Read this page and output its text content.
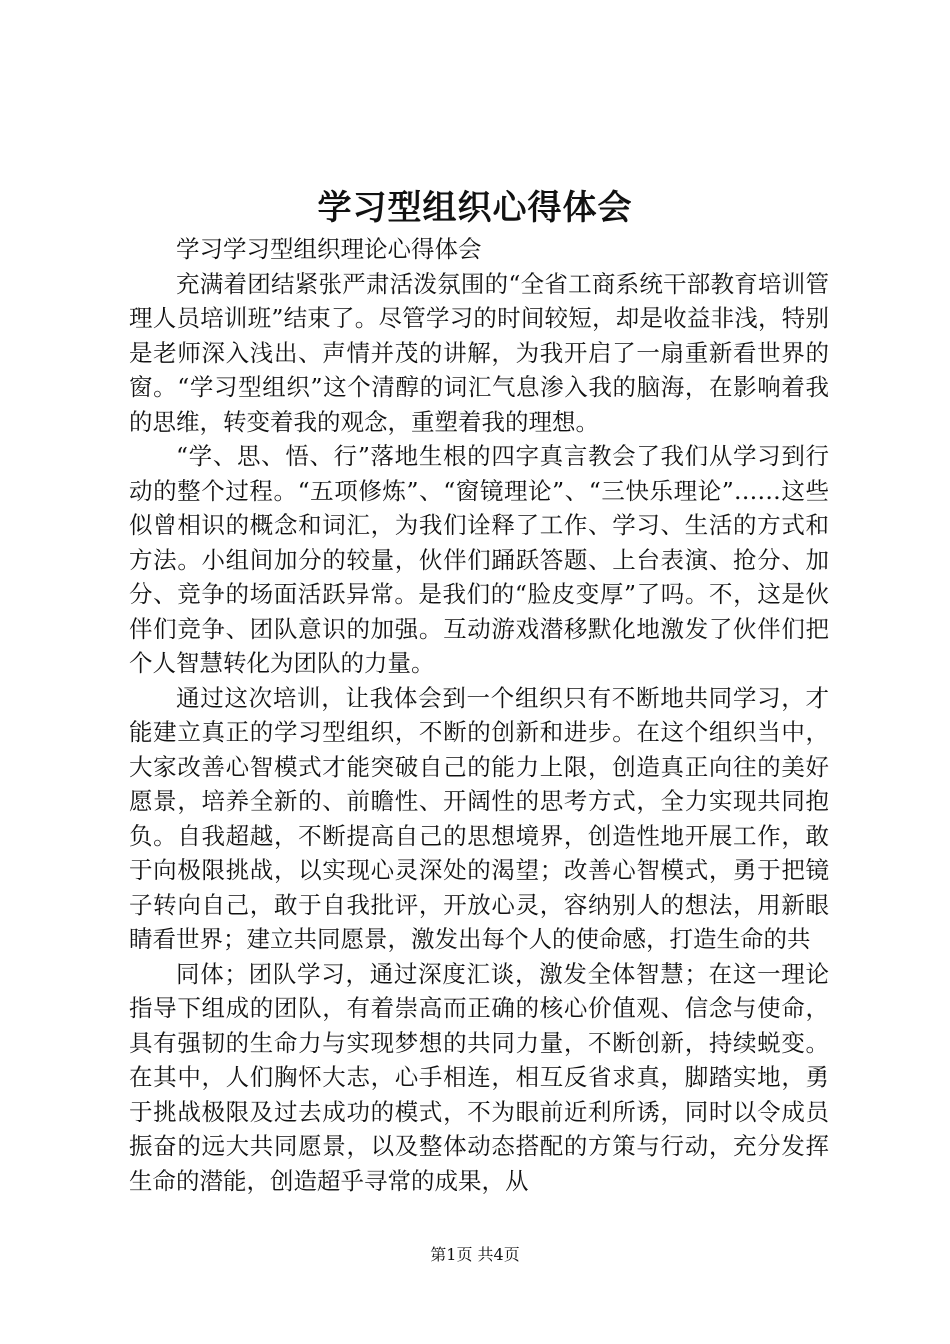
学习型组织心得体会

学习学习型组织理论心得体会

充满着团结紧张严肃活泼氛围的“全省工商系统干部教育培训管理人员培训班”结束了。尽管学习的时间较短，却是收益非浅，特别是老师深入浅出、声情并茂的讲解，为我开启了一扇重新看世界的窗。“学习型组织”这个清醇的词汇气息渗入我的脑海，在影响着我的思维，转变着我的观念，重塑着我的理想。

“学、思、悟、行”落地生根的四字真言教会了我们从学习到行动的整个过程。“五项修炼”、“窗镜理论”、“三快乐理论”……这些似曾相识的概念和词汇，为我们诠释了工作、学习、生活的方式和方法。小组间加分的较量，伙伴们踊跃答题、上台表演、抢分、加分、竞争的场面活跃异常。是我们的“脸皮变厚”了吗。不，这是伙伴们竞争、团队意识的加强。互动游戏潜移默化地激发了伙伴们把个人智慧转化为团队的力量。

通过这次培训，让我体会到一个组织只有不断地共同学习，才能建立真正的学习型组织，不断的创新和进步。在这个组织当中，大家改善心智模式才能突破自己的能力上限，创造真正向往的美好愿景，培养全新的、前瞻性、开阔性的思考方式，全力实现共同抱负。自我超越，不断提高自己的思想境界，创造性地开展工作，敢于向极限挑战，以实现心灵深处的渴望；改善心智模式，勇于把镜子转向自己，敢于自我批评，开放心灵，容纳别人的想法，用新眼睛看世界；建立共同愿景，激发出每个人的使命感，打造生命的共

同体；团队学习，通过深度汇谈，激发全体智慧；在这一理论指导下组成的团队，有着崇高而正确的核心价值观、信念与使命，具有强韧的生命力与实现梦想的共同力量，不断创新，持续蜕变。在其中，人们胸怀大志，心手相连，相互反省求真，脚踏实地，勇于挑战极限及过去成功的模式，不为眼前近利所诱，同时以令成员振奋的远大共同愿景，以及整体动态搭配的方策与行动，充分发挥生命的潜能，创造超乎寻常的成果，从

第1页 共4页
